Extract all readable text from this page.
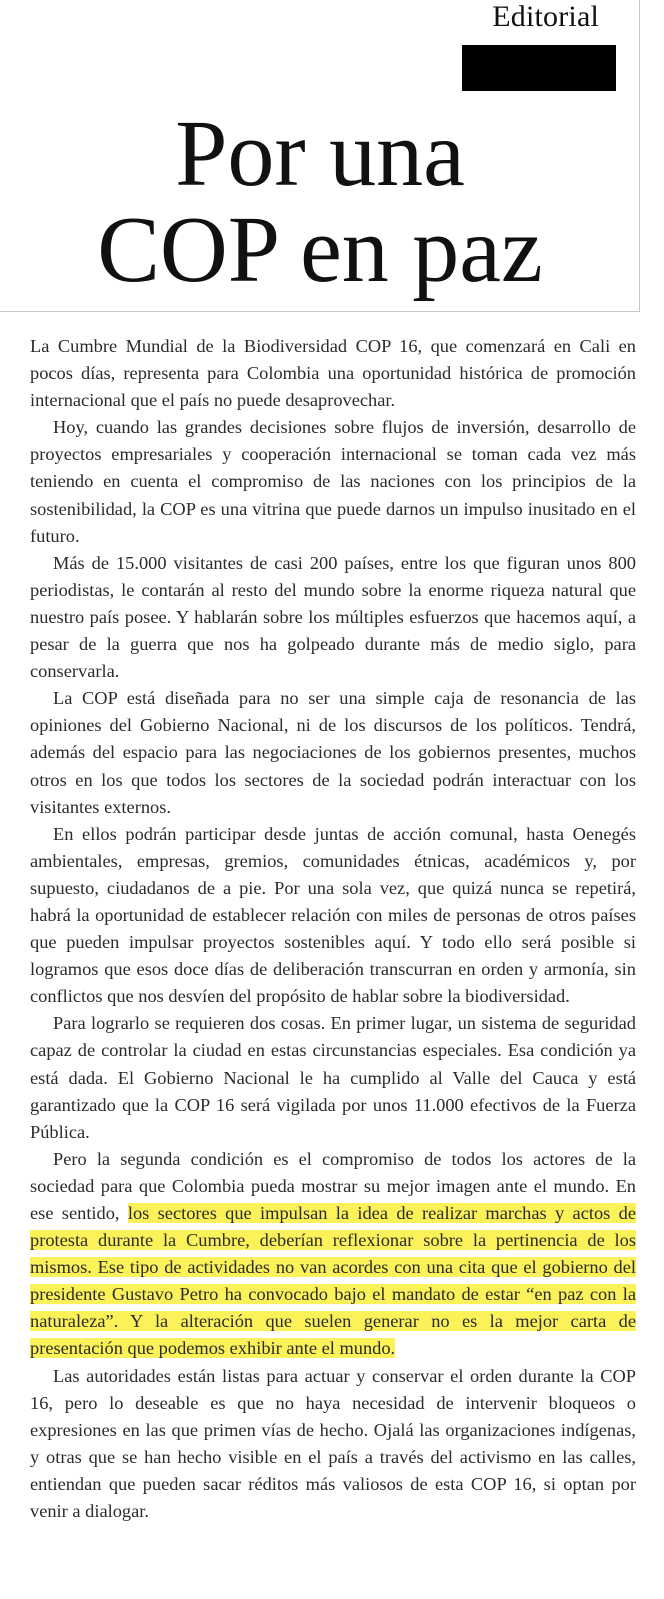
Editorial
Por una
COP en paz

La Cumbre Mundial de la Biodiversidad COP 16, que comenzará en Cali en pocos días, representa para Colombia una oportunidad histórica de promoción internacional que el país no puede desaprovechar.

Hoy, cuando las grandes decisiones sobre flujos de inversión, desarrollo de proyectos empresariales y cooperación internacional se toman cada vez más teniendo en cuenta el compromiso de las naciones con los principios de la sostenibilidad, la COP es una vitrina que puede darnos un impulso inusitado en el futuro.

Más de 15.000 visitantes de casi 200 países, entre los que figuran unos 800 periodistas, le contarán al resto del mundo sobre la enorme riqueza natural que nuestro país posee. Y hablarán sobre los múltiples esfuerzos que hacemos aquí, a pesar de la guerra que nos ha golpeado durante más de medio siglo, para conservarla.

La COP está diseñada para no ser una simple caja de resonancia de las opiniones del Gobierno Nacional, ni de los discursos de los políticos. Tendrá, además del espacio para las negociaciones de los gobiernos presentes, muchos otros en los que todos los sectores de la sociedad podrán interactuar con los visitantes externos.

En ellos podrán participar desde juntas de acción comunal, hasta Oenegés ambientales, empresas, gremios, comunidades étnicas, académicos y, por supuesto, ciudadanos de a pie. Por una sola vez, que quizá nunca se repetirá, habrá la oportunidad de establecer relación con miles de personas de otros países que pueden impulsar proyectos sostenibles aquí. Y todo ello será posible si logramos que esos doce días de deliberación transcurran en orden y armonía, sin conflictos que nos desvíen del propósito de hablar sobre la biodiversidad.

Para lograrlo se requieren dos cosas. En primer lugar, un sistema de seguridad capaz de controlar la ciudad en estas circunstancias especiales. Esa condición ya está dada. El Gobierno Nacional le ha cumplido al Valle del Cauca y está garantizado que la COP 16 será vigilada por unos 11.000 efectivos de la Fuerza Pública.

Pero la segunda condición es el compromiso de todos los actores de la sociedad para que Colombia pueda mostrar su mejor imagen ante el mundo. En ese sentido, los sectores que impulsan la idea de realizar marchas y actos de protesta durante la Cumbre, deberían reflexionar sobre la pertinencia de los mismos. Ese tipo de actividades no van acordes con una cita que el gobierno del presidente Gustavo Petro ha convocado bajo el mandato de estar “en paz con la naturaleza”. Y la alteración que suelen generar no es la mejor carta de presentación que podemos exhibir ante el mundo.

Las autoridades están listas para actuar y conservar el orden durante la COP 16, pero lo deseable es que no haya necesidad de intervenir bloqueos o expresiones en las que primen vías de hecho. Ojalá las organizaciones indígenas, y otras que se han hecho visible en el país a través del activismo en las calles, entiendan que pueden sacar réditos más valiosos de esta COP 16, si optan por venir a dialogar.
